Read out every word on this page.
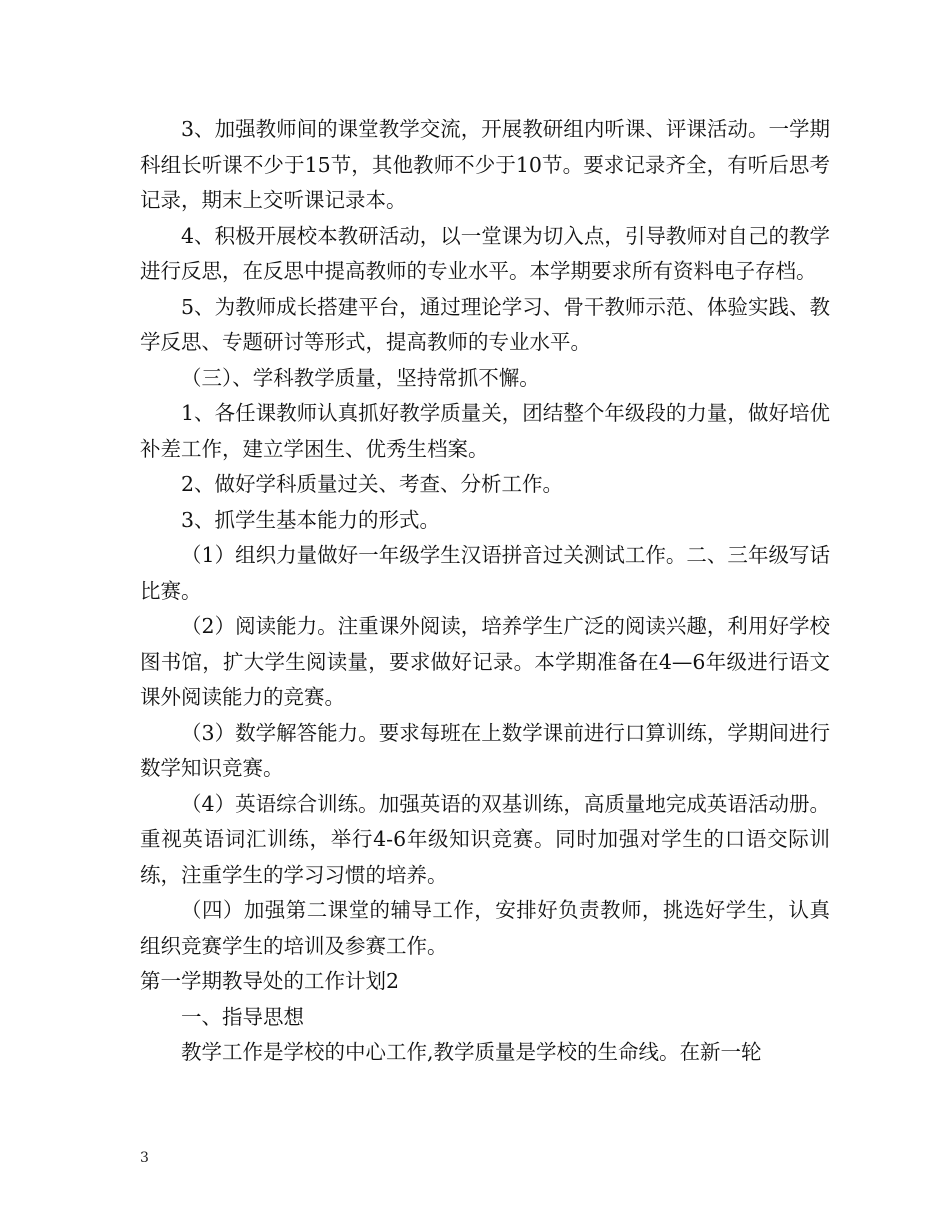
3、加强教师间的课堂教学交流，开展教研组内听课、评课活动。一学期科组长听课不少于15节，其他教师不少于10节。要求记录齐全，有听后思考记录，期末上交听课记录本。

4、积极开展校本教研活动，以一堂课为切入点，引导教师对自己的教学进行反思，在反思中提高教师的专业水平。本学期要求所有资料电子存档。

5、为教师成长搭建平台，通过理论学习、骨干教师示范、体验实践、教学反思、专题研讨等形式，提高教师的专业水平。

（三）、学科教学质量，坚持常抓不懈。

1、各任课教师认真抓好教学质量关，团结整个年级段的力量，做好培优补差工作，建立学困生、优秀生档案。

2、做好学科质量过关、考查、分析工作。

3、抓学生基本能力的形式。

（1）组织力量做好一年级学生汉语拼音过关测试工作。二、三年级写话比赛。

（2）阅读能力。注重课外阅读，培养学生广泛的阅读兴趣，利用好学校图书馆，扩大学生阅读量，要求做好记录。本学期准备在4—6年级进行语文课外阅读能力的竞赛。

（3）数学解答能力。要求每班在上数学课前进行口算训练，学期间进行数学知识竞赛。

（4）英语综合训练。加强英语的双基训练，高质量地完成英语活动册。重视英语词汇训练，举行4-6年级知识竞赛。同时加强对学生的口语交际训练，注重学生的学习习惯的培养。

（四）加强第二课堂的辅导工作，安排好负责教师，挑选好学生，认真组织竞赛学生的培训及参赛工作。

第一学期教导处的工作计划2

一、指导思想

教学工作是学校的中心工作,教学质量是学校的生命线。在新一轮

3
